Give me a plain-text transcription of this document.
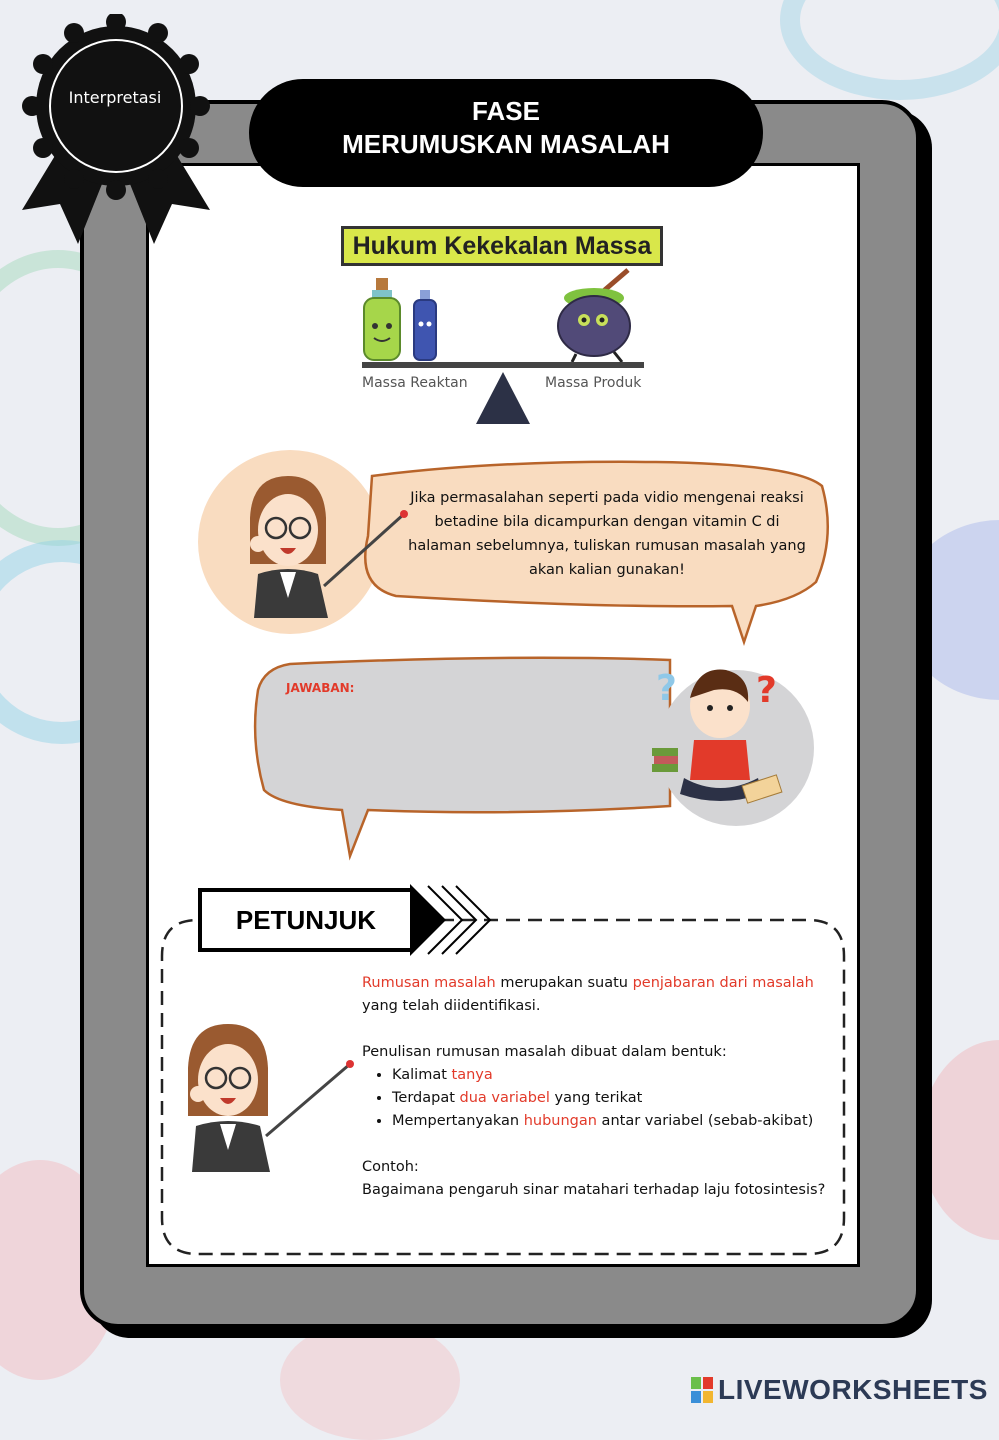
Interpretasi	FASE
MERUMUSKAN MASALAH
Hukum Kekekalan Massa
Massa Reaktan	Massa Produk
Jika permasalahan seperti pada vidio mengenai reaksi betadine bila dicampurkan dengan vitamin C di halaman sebelumnya, tuliskan rumusan masalah yang akan kalian gunakan!
JAWABAN:	? ?
PETUNJUK

Rumusan masalah merupakan suatu penjabaran dari masalah yang telah diidentifikasi.

Penulisan rumusan masalah dibuat dalam bentuk:

• Kalimat tanya
• Terdapat dua variabel yang terikat
• Mempertanyakan hubungan antar variabel (sebab-akibat)

Contoh:

Bagaimana pengaruh sinar matahari terhadap laju fotosintesis?

LIVEWORKSHEETS
